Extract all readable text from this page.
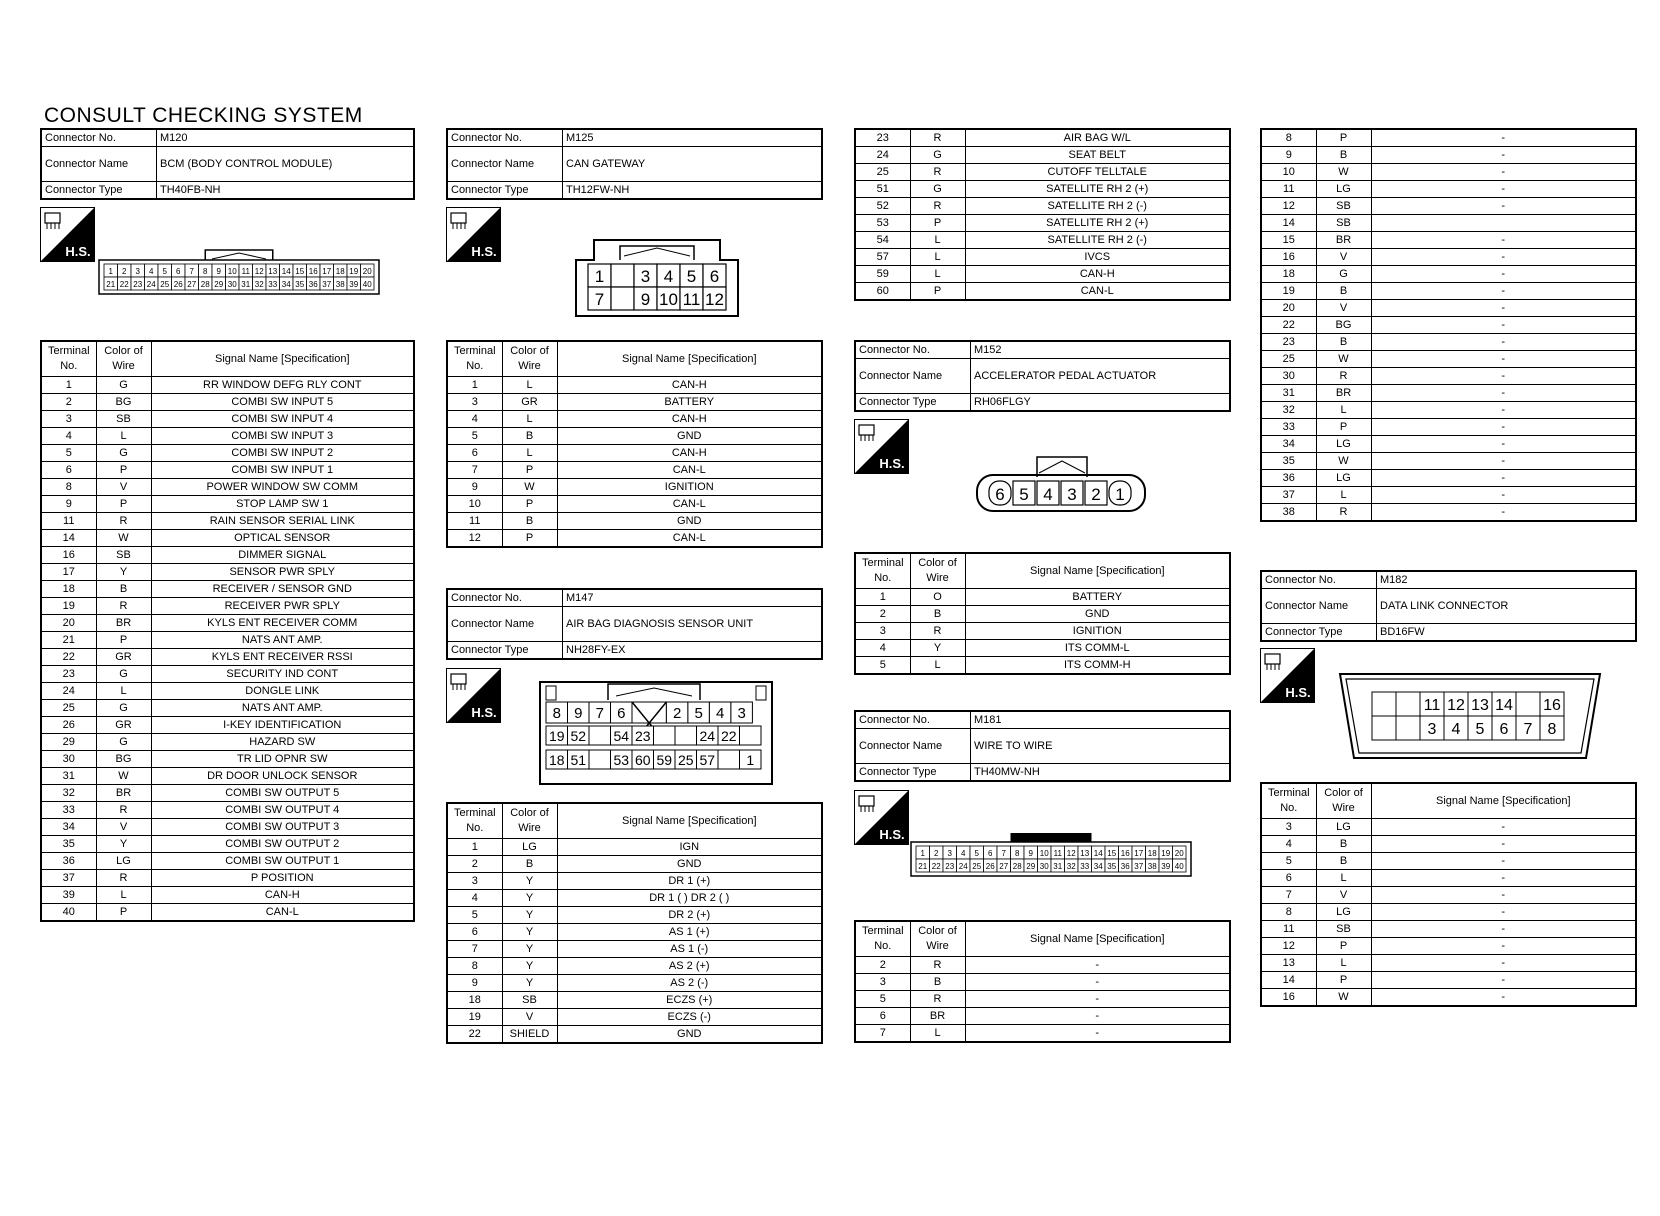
CONSULT CHECKING SYSTEM
Connector No.	M120
Connector Name	BCM (BODY CONTROL MODULE)
Connector Type	TH40FB-NH
H.S.
1 2 3 4 5 6 7 8 9 10 11 12 13 14 15 16 17 18 19 20
21 22 23 24 25 26 27 28 29 30 31 32 33 34 35 36 37 38 39 40
Terminal No.	Color of Wire	Signal Name [Specification]
1	G	RR WINDOW DEFG RLY CONT
2	BG	COMBI SW INPUT 5
3	SB	COMBI SW INPUT 4
4	L	COMBI SW INPUT 3
5	G	COMBI SW INPUT 2
6	P	COMBI SW INPUT 1
8	V	POWER WINDOW SW COMM
9	P	STOP LAMP SW 1
11	R	RAIN SENSOR SERIAL LINK
14	W	OPTICAL SENSOR
16	SB	DIMMER SIGNAL
17	Y	SENSOR PWR SPLY
18	B	RECEIVER / SENSOR GND
19	R	RECEIVER PWR SPLY
20	BR	KYLS ENT RECEIVER COMM
21	P	NATS ANT AMP.
22	GR	KYLS ENT RECEIVER RSSI
23	G	SECURITY IND CONT
24	L	DONGLE LINK
25	G	NATS ANT AMP.
26	GR	I-KEY IDENTIFICATION
29	G	HAZARD SW
30	BG	TR LID OPNR SW
31	W	DR DOOR UNLOCK SENSOR
32	BR	COMBI SW OUTPUT 5
33	R	COMBI SW OUTPUT 4
34	V	COMBI SW OUTPUT 3
35	Y	COMBI SW OUTPUT 2
36	LG	COMBI SW OUTPUT 1
37	R	P POSITION
39	L	CAN-H
40	P	CAN-L
Connector No.	M125
Connector Name	CAN GATEWAY
Connector Type	TH12FW-NH
H.S.
1 3 4 5 6
7 9 10 11 12
Terminal No.	Color of Wire	Signal Name [Specification]
1	L	CAN-H
3	GR	BATTERY
4	L	CAN-H
5	B	GND
6	L	CAN-H
7	P	CAN-L
9	W	IGNITION
10	P	CAN-L
11	B	GND
12	P	CAN-L
Connector No.	M147
Connector Name	AIR BAG DIAGNOSIS SENSOR UNIT
Connector Type	NH28FY-EX
H.S.	8 9 7 6	2 5 4 3
19 52 54 23	24 22
18 51 53 60 59 25 57 1
Terminal No.	Color of Wire	Signal Name [Specification]
1	LG	IGN
2	B	GND
3	Y	DR 1 (+)
4	Y	DR 1 ( ) DR 2 ( )
5	Y	DR 2 (+)
6	Y	AS 1 (+)
7	Y	AS 1 (-)
8	Y	AS 2 (+)
9	Y	AS 2 (-)
18	SB	ECZS (+)
19	V	ECZS (-)
22	SHIELD	GND
23	R	AIR BAG W/L
24	G	SEAT BELT
25	R	CUTOFF TELLTALE
51	G	SATELLITE RH 2 (+)
52	R	SATELLITE RH 2 (-)
53	P	SATELLITE RH 2 (+)
54	L	SATELLITE RH 2 (-)
57	L	IVCS
59	L	CAN-H
60	P	CAN-L
Connector No.	M152
Connector Name	ACCELERATOR PEDAL ACTUATOR
Connector Type	RH06FLGY
H.S.
6 5 4 3 2 1
Terminal No.	Color of Wire	Signal Name [Specification]
1	O	BATTERY
2	B	GND
3	R	IGNITION
4	Y	ITS COMM-L
5	L	ITS COMM-H
Connector No.	M181
Connector Name	WIRE TO WIRE
Connector Type	TH40MW-NH
H.S.
1 2 3 4 5 6 7 8 9 10 11 12 13 14 15 16 17 18 19 20
21 22 23 24 25 26 27 28 29 30 31 32 33 34 35 36 37 38 39 40
Terminal No.	Color of Wire	Signal Name [Specification]
2	R	-
3	B	-
5	R	-
6	BR	-
7	L	-
8	P	-
9	B	-
10	W	-
11	LG	-
12	SB	-
14	SB	
15	BR	-
16	V	-
18	G	-
19	B	-
20	V	-
22	BG	-
23	B	-
25	W	-
30	R	-
31	BR	-
32	L	-
33	P	-
34	LG	-
35	W	-
36	LG	-
37	L	-
38	R	-
Connector No.	M182
Connector Name	DATA LINK CONNECTOR
Connector Type	BD16FW
H.S.
11 12 13 14 16
3 4 5 6 7 8
Terminal No.	Color of Wire	Signal Name [Specification]
3	LG	-
4	B	-
5	B	-
6	L	-
7	V	-
8	LG	-
11	SB	-
12	P	-
13	L	-
14	P	-
16	W	-
